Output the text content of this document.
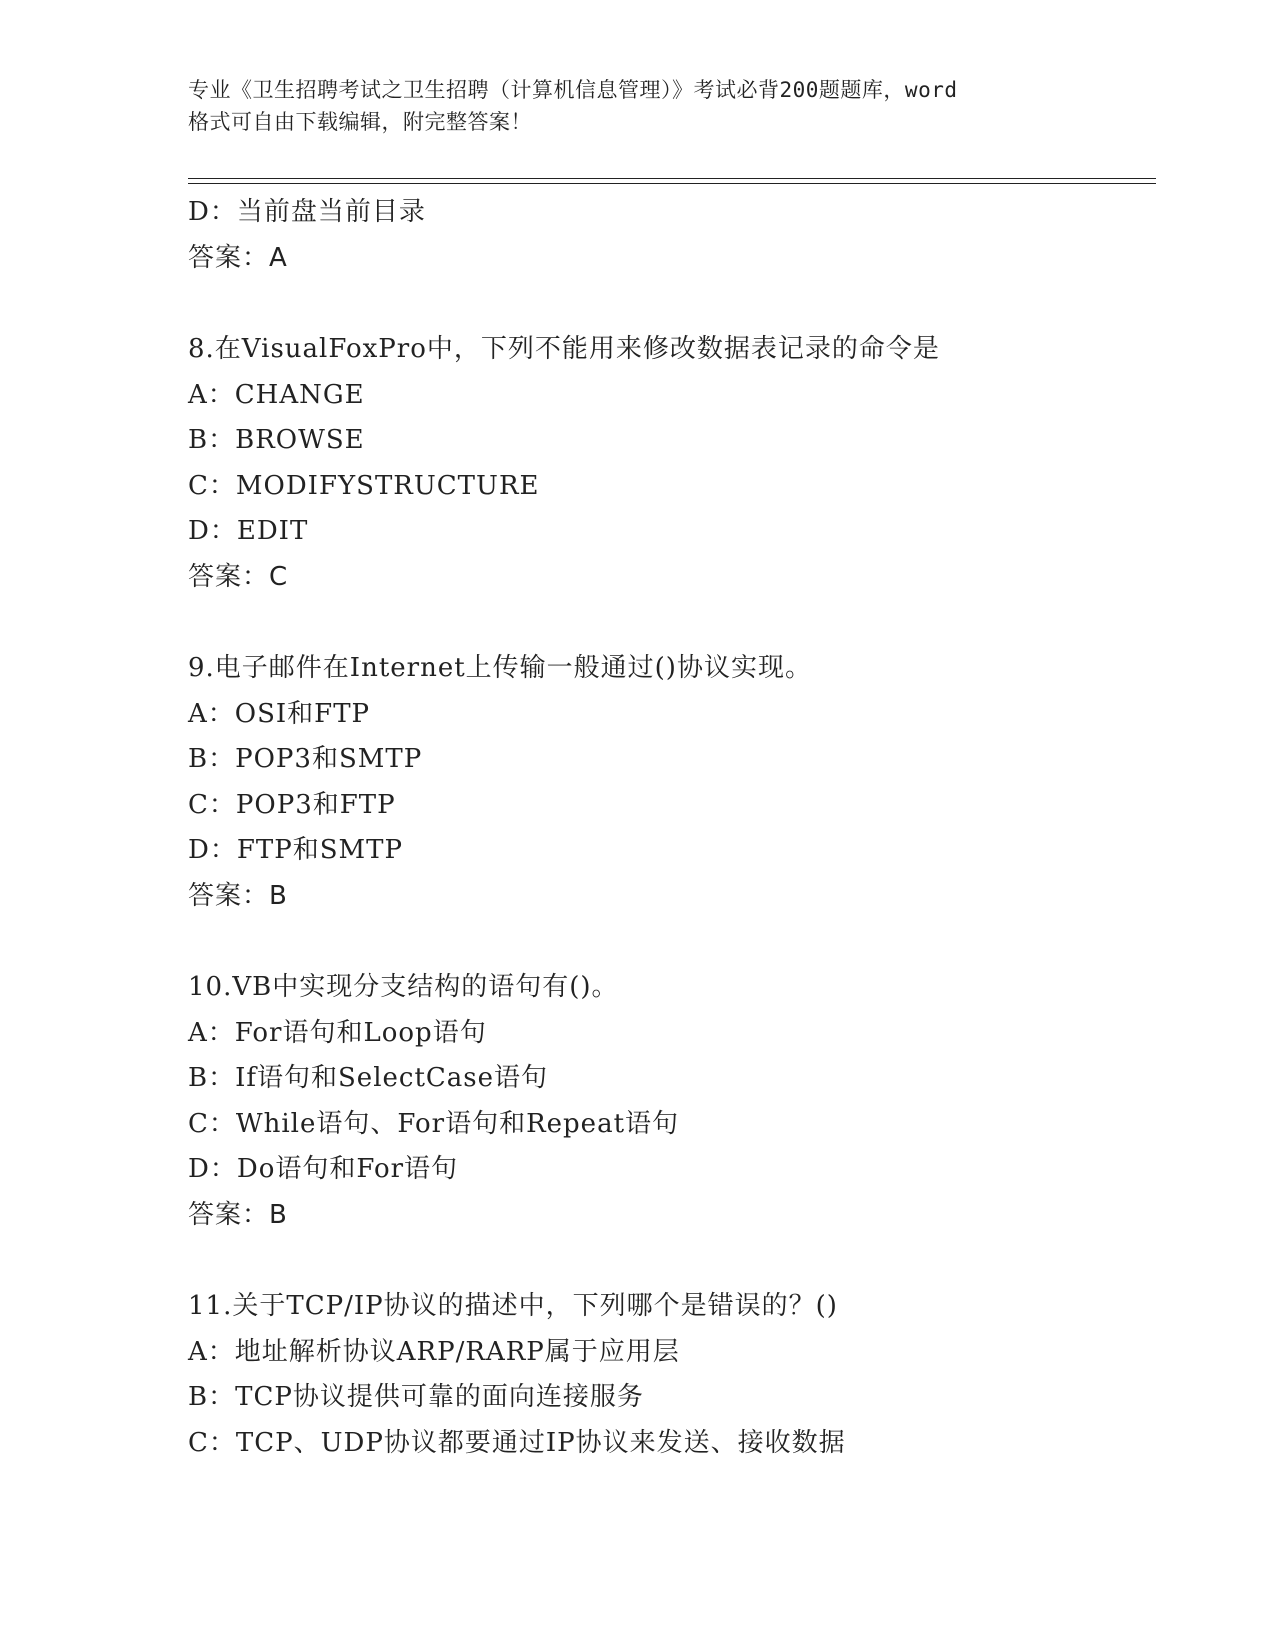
专业《卫生招聘考试之卫生招聘（计算机信息管理）》考试必背200题题库，word
格式可自由下载编辑，附完整答案！
D：当前盘当前目录
答案：A
8.在VisualFoxPro中，下列不能用来修改数据表记录的命令是
A：CHANGE
B：BROWSE
C：MODIFYSTRUCTURE
D：EDIT
答案：C
9.电子邮件在Internet上传输一般通过()协议实现。
A：OSI和FTP
B：POP3和SMTP
C：POP3和FTP
D：FTP和SMTP
答案：B
10.VB中实现分支结构的语句有()。
A：For语句和Loop语句
B：If语句和SelectCase语句
C：While语句、For语句和Repeat语句
D：Do语句和For语句
答案：B
11.关于TCP/IP协议的描述中，下列哪个是错误的？()
A：地址解析协议ARP/RARP属于应用层
B：TCP协议提供可靠的面向连接服务
C：TCP、UDP协议都要通过IP协议来发送、接收数据
